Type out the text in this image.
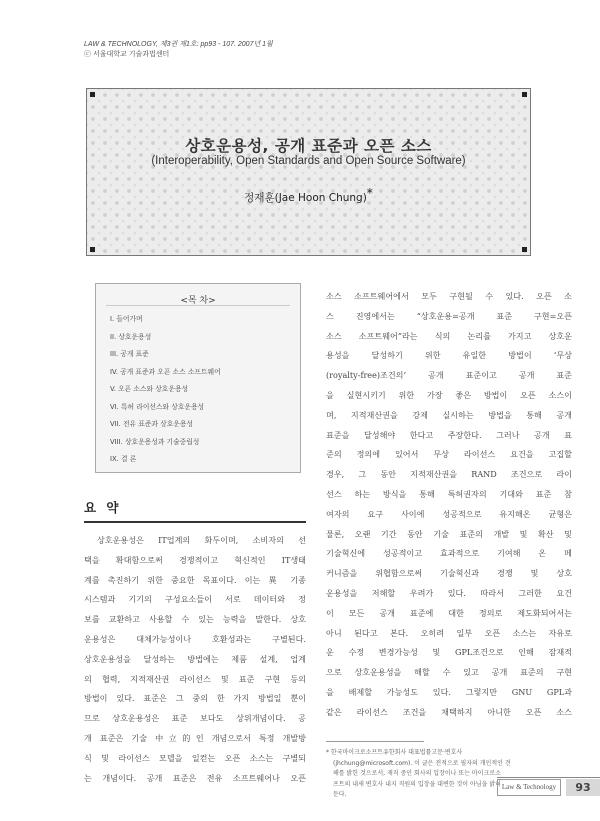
LAW & TECHNOLOGY, 제3권 제1호: pp93 - 107. 2007년 1월
ⓒ 서울대학교 기술과법센터
상호운용성, 공개 표준과 오픈 소스
(Interoperability, Open Standards and Open Source Software)
정재훈(Jae Hoon Chung)*
<목 차>
I. 들어가며
II. 상호운용성
III. 공개 표준
IV. 공개 표준과 오픈 소스 소프트웨어
V. 오픈 소스와 상호운용성
VI. 특허 라이선스와 상호운용성
VII. 전유 표준과 상호운용성
VIII. 상호운용성과 기술중립성
IX. 결 론
요 약
상호운용성은 IT업계의 화두이며, 소비자의 선
택을 확대함으로써 경쟁적이고 혁신적인 IT생태
계를 촉진하기 위한 중요한 목표이다. 이는 異 기종
시스템과 기기의 구성요소들이 서로 데이터와 정
보를 교환하고 사용할 수 있는 능력을 말한다. 상호
운용성은 대체가능성이나 호환성과는 구별된다.
상호운용성을 달성하는 방법에는 제품 설계, 업계
의 협력, 지적재산권 라이선스 및 표준 구현 등의
방법이 있다. 표준은 그 중의 한 가지 방법일 뿐이
므로 상호운용성은 표준 보다도 상위개념이다. 공
개 표준은 기술 中立的인 개념으로서 특정 개발방
식 및 라이선스 모델을 일컫는 오픈 소스는 구별되
는 개념이다. 공개 표준은 전유 소프트웨어나 오픈
소스 소프트웨어에서 모두 구현될 수 있다. 오픈 소
스 진영에서는 “상호운용=공개 표준 구현=오픈
소스 소프트웨어”라는 식의 논리를 가지고 상호운
용성을 달성하기 위한 유일한 방법이 ‘무상
(royalty-free)조건의’ 공개 표준이고 공개 표준
을 실현시키기 위한 가장 좋은 방법이 오픈 소스이
며, 지적재산권을 강제 실시하는 방법을 통해 공개
표준을 달성해야 한다고 주장한다. 그러나 공개 표
준의 정의에 있어서 무상 라이선스 요건을 고집할
경우, 그 동안 지적재산권을 RAND 조건으로 라이
선스 하는 방식을 통해 특허권자의 기대와 표준 참
여자의 요구 사이에 성공적으로 유지해온 균형은
물론, 오랜 기간 동안 기술 표준의 개발 및 확산 및
기술혁신에 성공적이고 효과적으로 기여해 온 메
커니즘을 위협함으로써 기술혁신과 경쟁 및 상호
운용성을 저해할 우려가 있다. 따라서 그러한 요건
이 모든 공개 표준에 대한 정의로 제도화되어서는
아니 된다고 본다. 오히려 일부 오픈 소스는 자유로
운 수정 변경가능성 및 GPL조건으로 인해 잠재적
으로 상호운용성을 해할 수 있고 공개 표준의 구현
을 배제할 가능성도 있다. 그렇지만 GNU GPL과
같은 라이선스 조건을 채택하지 아니한 오픈 소스
* 한국마이크로소프트유한회사 대표법률고문·변호사
(jhchung@microsoft.com). 이 글은 전적으로 필자의 개인적인 견
해를 밝힌 것으로서, 재직 중인 회사의 입장이나 또는 마이크로소
프트의 내새 변호사 내지 직원의 입장을 대변한 것이 아님을 밝혀
둔다.
Law & Technology	93
